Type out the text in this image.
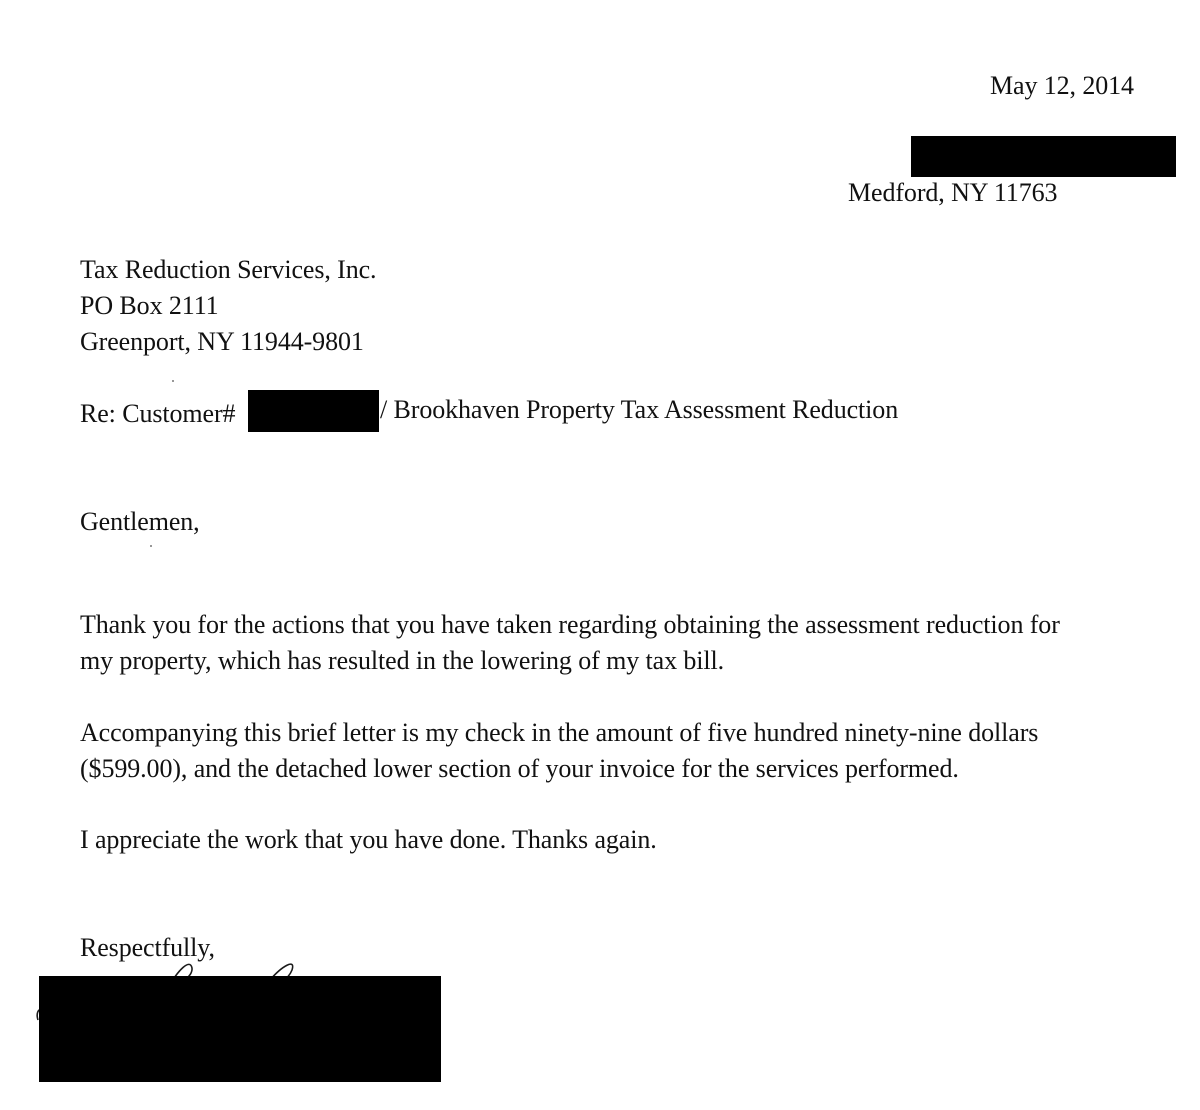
May 12, 2014
Medford, NY 11763
Tax Reduction Services, Inc.
PO Box 2111
Greenport, NY 11944-9801
Re: Customer#	/ Brookhaven Property Tax Assessment Reduction
Gentlemen,
Thank you for the actions that you have taken regarding obtaining the assessment reduction for
my property, which has resulted in the lowering of my tax bill.
Accompanying this brief letter is my check in the amount of five hundred ninety-nine dollars
($599.00), and the detached lower section of your invoice for the services performed.
I appreciate the work that you have done. Thanks again.
Respectfully,
